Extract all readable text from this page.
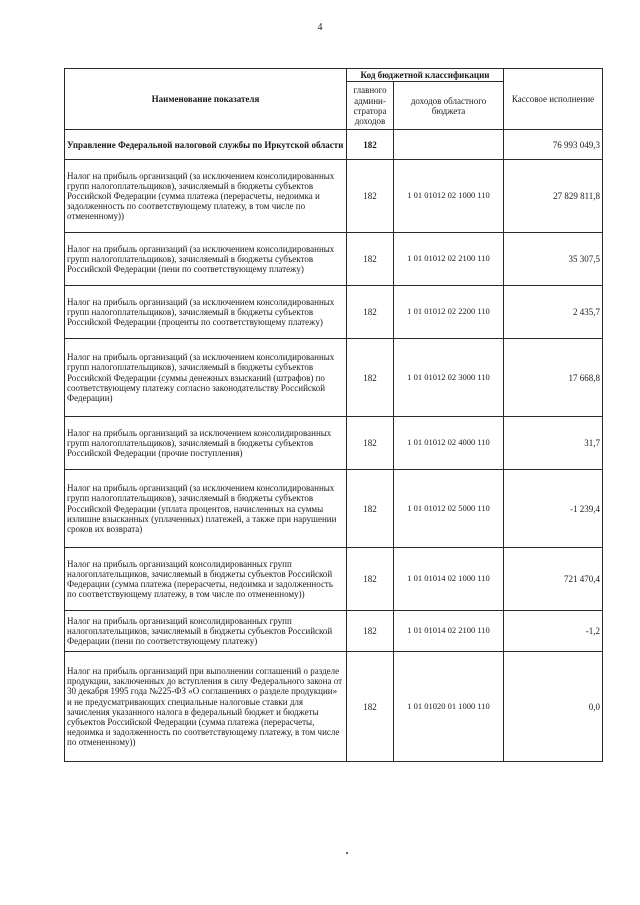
4
Наименование показателя	Код бюджетной классификации		Кассовое исполнение
	главного админи-стратора доходов	доходов областного бюджета	
Управление Федеральной налоговой службы по Иркутской области	182		76 993 049,3
Налог на прибыль организаций (за исключением консолидированных групп налогоплательщиков), зачисляемый в бюджеты субъектов Российской Федерации (сумма платежа (перерасчеты, недоимка и задолженность по соответствующему платежу, в том числе по отмененному))	182	1 01 01012 02 1000 110	27 829 811,8
Налог на прибыль организаций (за исключением консолидированных групп налогоплательщиков), зачисляемый в бюджеты субъектов Российской Федерации (пени по соответствующему платежу)	182	1 01 01012 02 2100 110	35 307,5
Налог на прибыль организаций (за исключением консолидированных групп налогоплательщиков), зачисляемый в бюджеты субъектов Российской Федерации (проценты по соответствующему платежу)	182	1 01 01012 02 2200 110	2 435,7
Налог на прибыль организаций (за исключением консолидированных групп налогоплательщиков), зачисляемый в бюджеты субъектов Российской Федерации (суммы денежных взысканий (штрафов) по соответствующему платежу согласно законодательству Российской Федерации)	182	1 01 01012 02 3000 110	17 668,8
Налог на прибыль организаций за исключением консолидированных групп налогоплательщиков), зачисляемый в бюджеты субъектов Российской Федерации (прочие поступления)	182	1 01 01012 02 4000 110	31,7
Налог на прибыль организаций (за исключением консолидированных групп налогоплательщиков), зачисляемый в бюджеты субъектов Российской Федерации (уплата процентов, начисленных на суммы излишне взысканных (уплаченных) платежей, а также при нарушении сроков их возврата)	182	1 01 01012 02 5000 110	-1 239,4
Налог на прибыль организаций консолидированных групп налогоплательщиков, зачисляемый в бюджеты субъектов Российской Федерации (сумма платежа (перерасчеты, недоимка и задолженность по соответствующему платежу, в том числе по отмененному))	182	1 01 01014 02 1000 110	721 470,4
Налог на прибыль организаций консолидированных групп налогоплательщиков, зачисляемый в бюджеты субъектов Российской Федерации (пени по соответствующему платежу)	182	1 01 01014 02 2100 110	-1,2
Налог на прибыль организаций при выполнении соглашений о разделе продукции, заключенных до вступления в силу Федерального закона от 30 декабря 1995 года №225-ФЗ «О соглашениях о разделе продукции» и не предусматривающих специальные налоговые ставки для зачисления указанного налога в федеральный бюджет и бюджеты субъектов Российской Федерации (сумма платежа (перерасчеты, недоимка и задолженность по соответствующему платежу, в том числе по отмененному))	182	1 01 01020 01 1000 110	0,0
